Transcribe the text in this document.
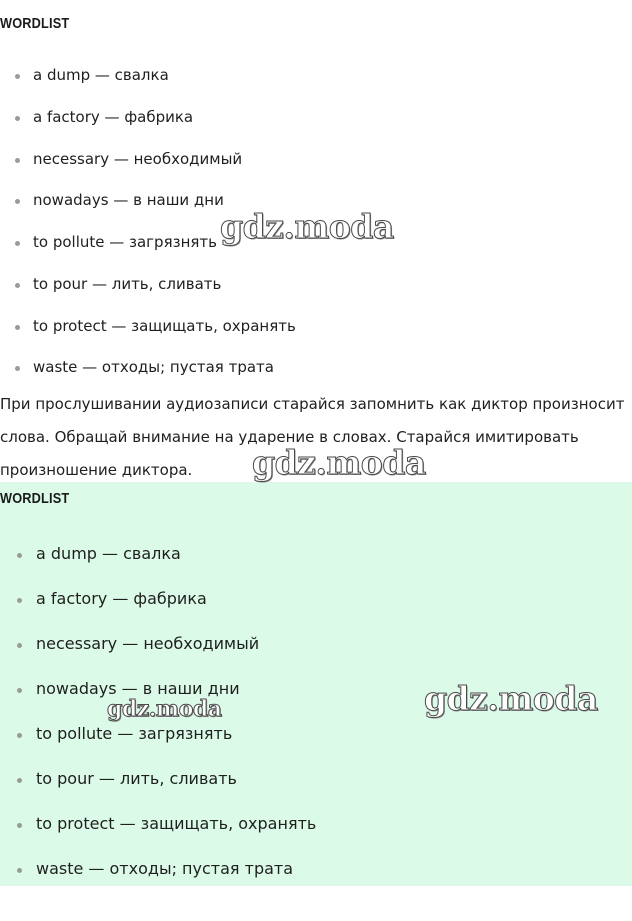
WORDLIST
a dump — свалка
a factory — фабрика
necessary — необходимый
nowadays — в наши дни
to pollute — загрязнять
to pour — лить, сливать
to protect — защищать, охранять
waste — отходы; пустая трата

При прослушивании аудиозаписи старайся запомнить как диктор произносит слова. Обращай внимание на ударение в словах. Старайся имитировать произношение диктора.

WORDLIST
a dump — свалка
a factory — фабрика
necessary — необходимый
nowadays — в наши дни
to pollute — загрязнять
to pour — лить, сливать
to protect — защищать, охранять
waste — отходы; пустая трата
gdz.moda
gdz.moda
gdz.moda
gdz.moda
